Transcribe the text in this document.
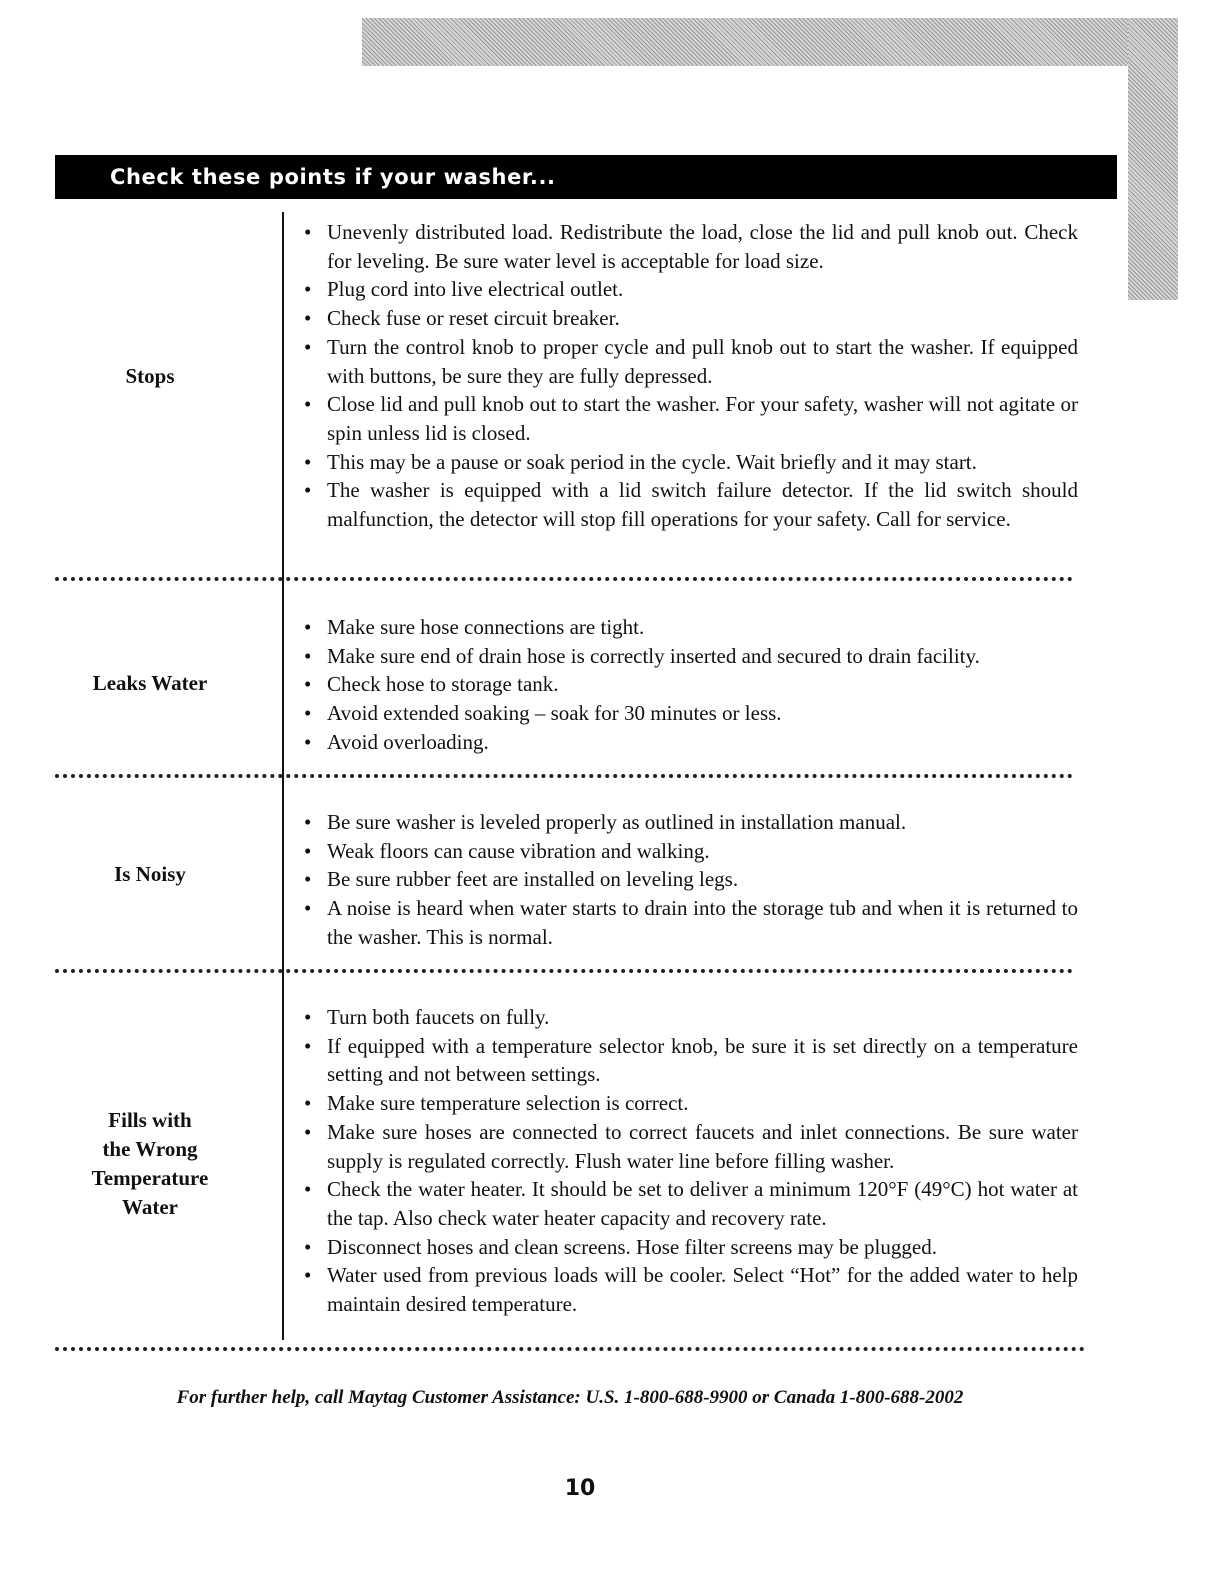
Check these points if your washer...
Stops
• Unevenly distributed load. Redistribute the load, close the lid and pull knob out. Check for leveling. Be sure water level is acceptable for load size.
• Plug cord into live electrical outlet.
• Check fuse or reset circuit breaker.
• Turn the control knob to proper cycle and pull knob out to start the washer. If equipped with buttons, be sure they are fully depressed.
• Close lid and pull knob out to start the washer. For your safety, washer will not agitate or spin unless lid is closed.
• This may be a pause or soak period in the cycle. Wait briefly and it may start.
• The washer is equipped with a lid switch failure detector. If the lid switch should malfunction, the detector will stop fill operations for your safety. Call for service.
Leaks Water
• Make sure hose connections are tight.
• Make sure end of drain hose is correctly inserted and secured to drain facility.
• Check hose to storage tank.
• Avoid extended soaking – soak for 30 minutes or less.
• Avoid overloading.
Is Noisy
• Be sure washer is leveled properly as outlined in installation manual.
• Weak floors can cause vibration and walking.
• Be sure rubber feet are installed on leveling legs.
• A noise is heard when water starts to drain into the storage tub and when it is returned to the washer. This is normal.
Fills with
the Wrong
Temperature
Water
• Turn both faucets on fully.
• If equipped with a temperature selector knob, be sure it is set directly on a temperature setting and not between settings.
• Make sure temperature selection is correct.
• Make sure hoses are connected to correct faucets and inlet connections. Be sure water supply is regulated correctly. Flush water line before filling washer.
• Check the water heater. It should be set to deliver a minimum 120°F (49°C) hot water at the tap. Also check water heater capacity and recovery rate.
• Disconnect hoses and clean screens. Hose filter screens may be plugged.
• Water used from previous loads will be cooler. Select “Hot” for the added water to help maintain desired temperature.
For further help, call Maytag Customer Assistance: U.S. 1-800-688-9900 or Canada 1-800-688-2002
10
